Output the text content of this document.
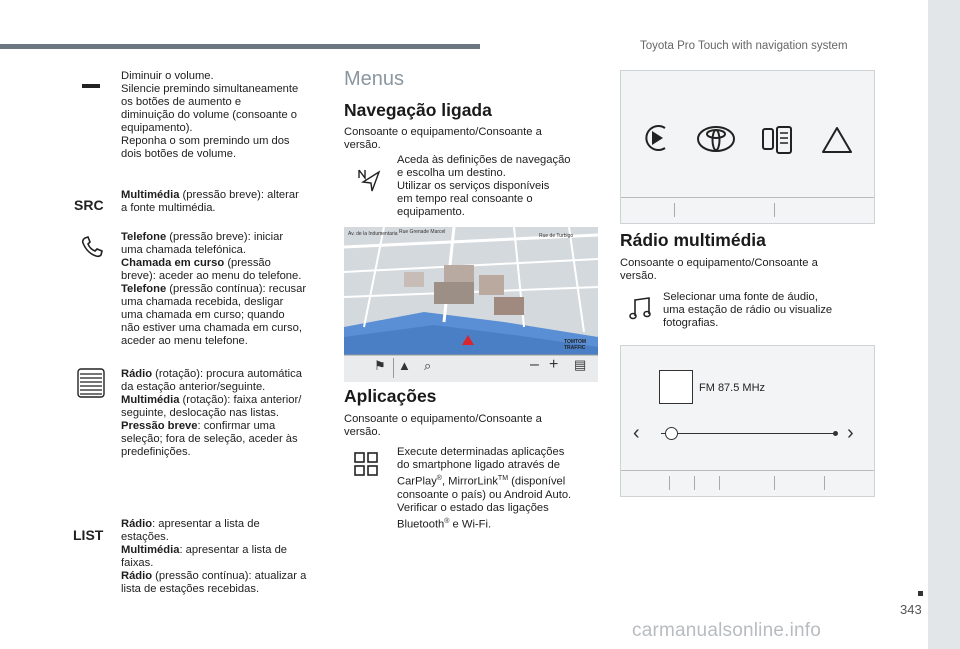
Toyota Pro Touch with navigation system
343
carmanualsonline.info
Diminuir o volume.
Silencie premindo simultaneamente
os botões de aumento e
diminuição do volume (consoante o
equipamento).
Reponha o som premindo um dos
dois botões de volume.
SRC
Multimédia (pressão breve): alterar
a fonte multimédia.
Telefone (pressão breve): iniciar
uma chamada telefónica.
Chamada em curso (pressão
breve): aceder ao menu do telefone.
Telefone (pressão contínua): recusar
uma chamada recebida, desligar
uma chamada em curso; quando
não estiver uma chamada em curso,
aceder ao menu telefone.
Rádio (rotação): procura automática
da estação anterior/seguinte.
Multimédia (rotação): faixa anterior/
seguinte, deslocação nas listas.
Pressão breve: confirmar uma
seleção; fora de seleção, aceder às
predefinições.
LIST
Rádio: apresentar a lista de
estações.
Multimédia: apresentar a lista de
faixas.
Rádio (pressão contínua): atualizar a
lista de estações recebidas.
Menus
Navegação ligada
Consoante o equipamento/Consoante a
versão.
Aceda às definições de navegação
e escolha um destino.
Utilizar os serviços disponíveis
em tempo real consoante o
equipamento.
Av. de la Indumentaria Rue Grenade Marcel
Rue de Turbigo
TOMTOM TRAFFIC
⚑ ▲ ⌕	– + ▤
Aplicações
Consoante o equipamento/Consoante a
versão.
Execute determinadas aplicações
do smartphone ligado através de
CarPlay®, MirrorLink™ (disponível
consoante o país) ou Android Auto.
Verificar o estado das ligações
Bluetooth® e Wi-Fi.
Rádio multimédia
Consoante o equipamento/Consoante a
versão.
Selecionar uma fonte de áudio,
uma estação de rádio ou visualize
fotografias.
FM 87.5 MHz
‹	›
